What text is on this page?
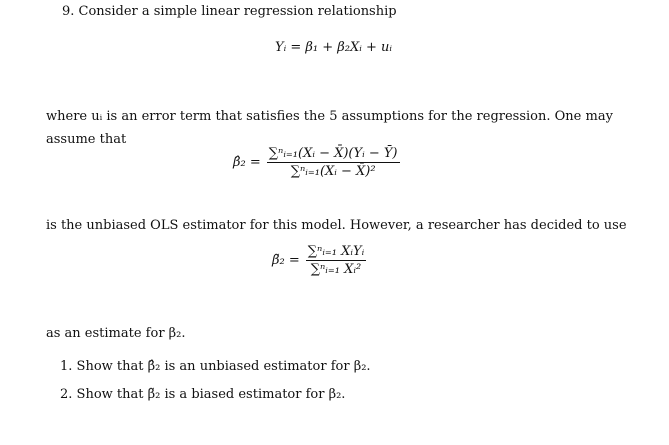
9. Consider a simple linear regression relationship
Yᵢ = β₁ + β₂Xᵢ + uᵢ
where uᵢ is an error term that satisfies the 5 assumptions for the regression. One may
assume that
β̂₂ = $\frac{\text{∑ⁿᵢ₌₁(Xᵢ − X̄)(Yᵢ − Ȳ)}}{\text{∑ⁿᵢ₌₁(Xᵢ − X̄)²}}$
is the unbiased OLS estimator for this model. However, a researcher has decided to use
β̃₂ = $\frac{\text{∑ⁿᵢ₌₁ XᵢYᵢ}}{\text{∑ⁿᵢ₌₁ Xᵢ²}}$
as an estimate for β₂.
1. Show that β̂₂ is an unbiased estimator for β₂.
2. Show that β̃₂ is a biased estimator for β₂.
